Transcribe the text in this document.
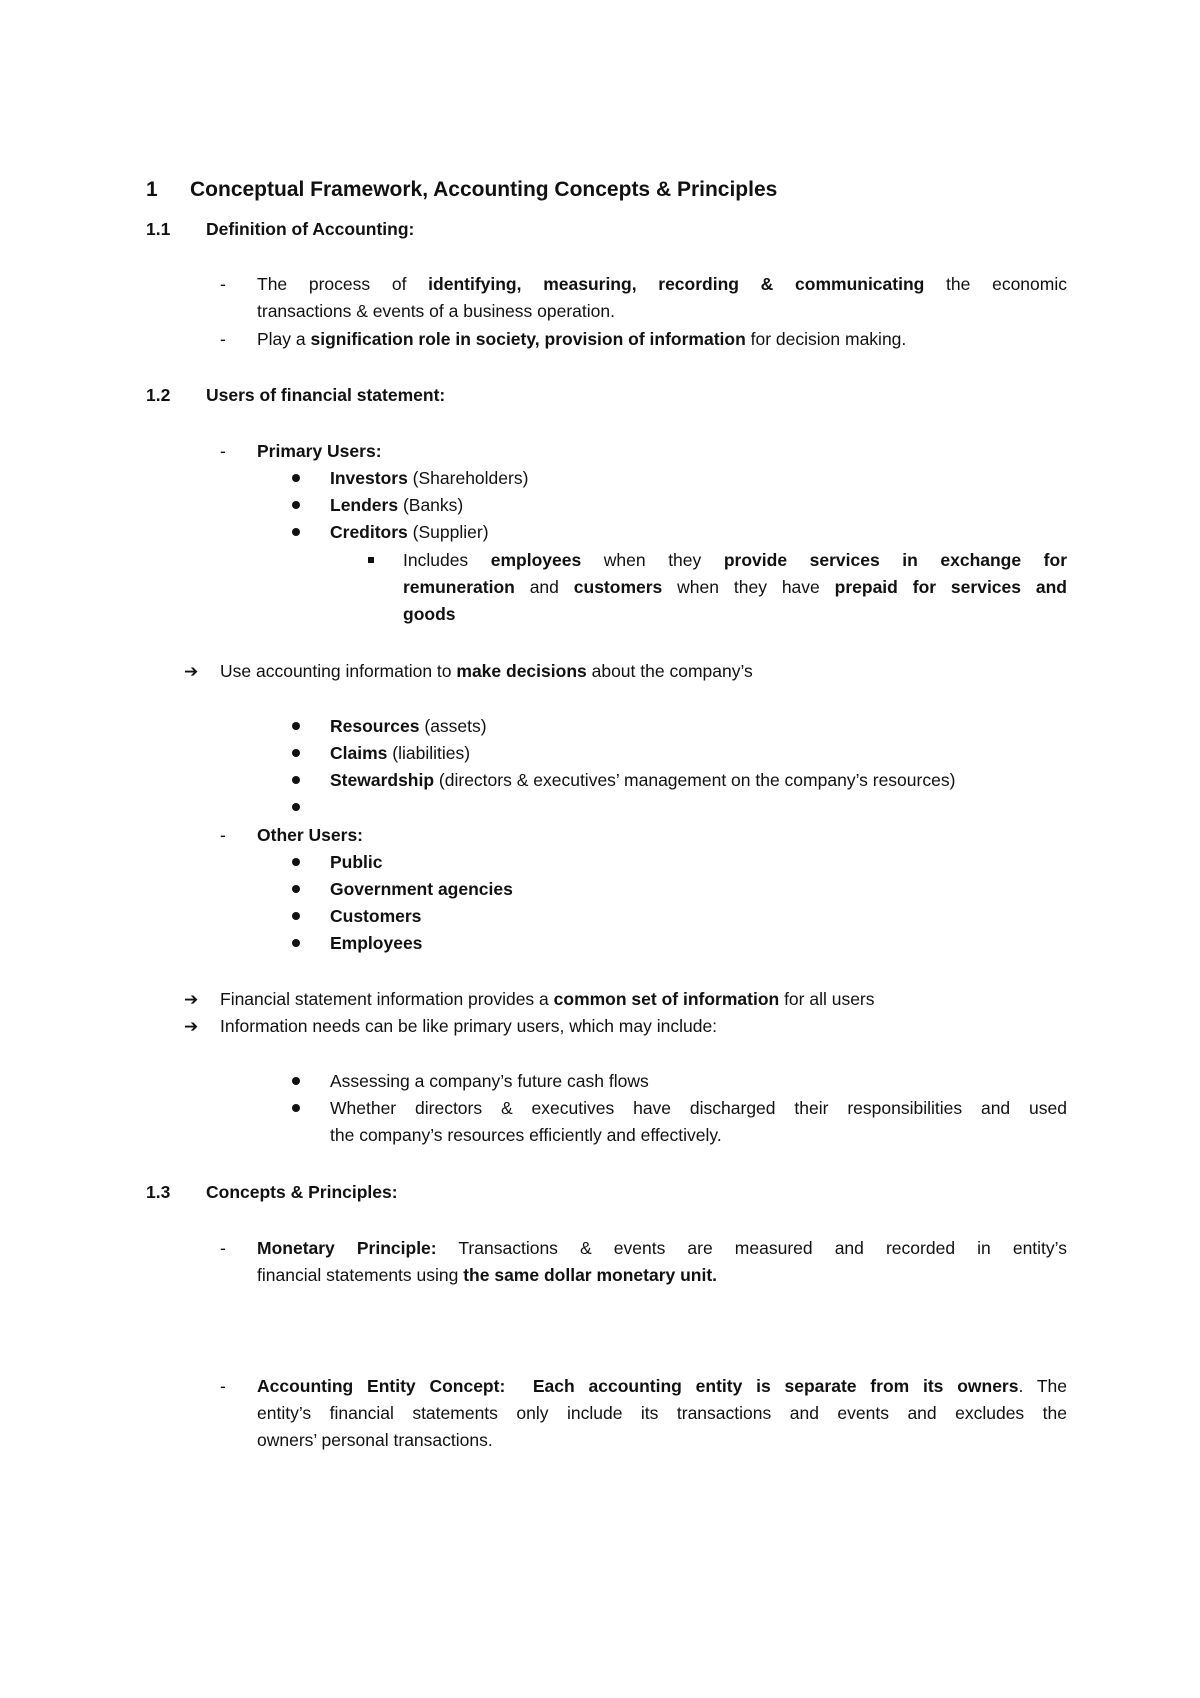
1 Conceptual Framework, Accounting Concepts & Principles
1.1 Definition of Accounting:
- The process of identifying, measuring, recording & communicating the economic
transactions & events of a business operation.
- Play a signification role in society, provision of information for decision making.
1.2 Users of financial statement:
- Primary Users:
Investors (Shareholders)
Lenders (Banks)
Creditors (Supplier)
Includes employees when they provide services in exchange for
remuneration and customers when they have prepaid for services and
goods
➔ Use accounting information to make decisions about the company’s
Resources (assets)
Claims (liabilities)
Stewardship (directors & executives’ management on the company’s resources)
- Other Users:
Public
Government agencies
Customers
Employees
➔ Financial statement information provides a common set of information for all users
➔ Information needs can be like primary users, which may include:
Assessing a company’s future cash flows
Whether directors & executives have discharged their responsibilities and used
the company’s resources efficiently and effectively.
1.3 Concepts & Principles:
- Monetary Principle: Transactions & events are measured and recorded in entity’s
financial statements using the same dollar monetary unit.
- Accounting Entity Concept:  Each accounting entity is separate from its owners. The
entity’s financial statements only include its transactions and events and excludes the
owners’ personal transactions.
